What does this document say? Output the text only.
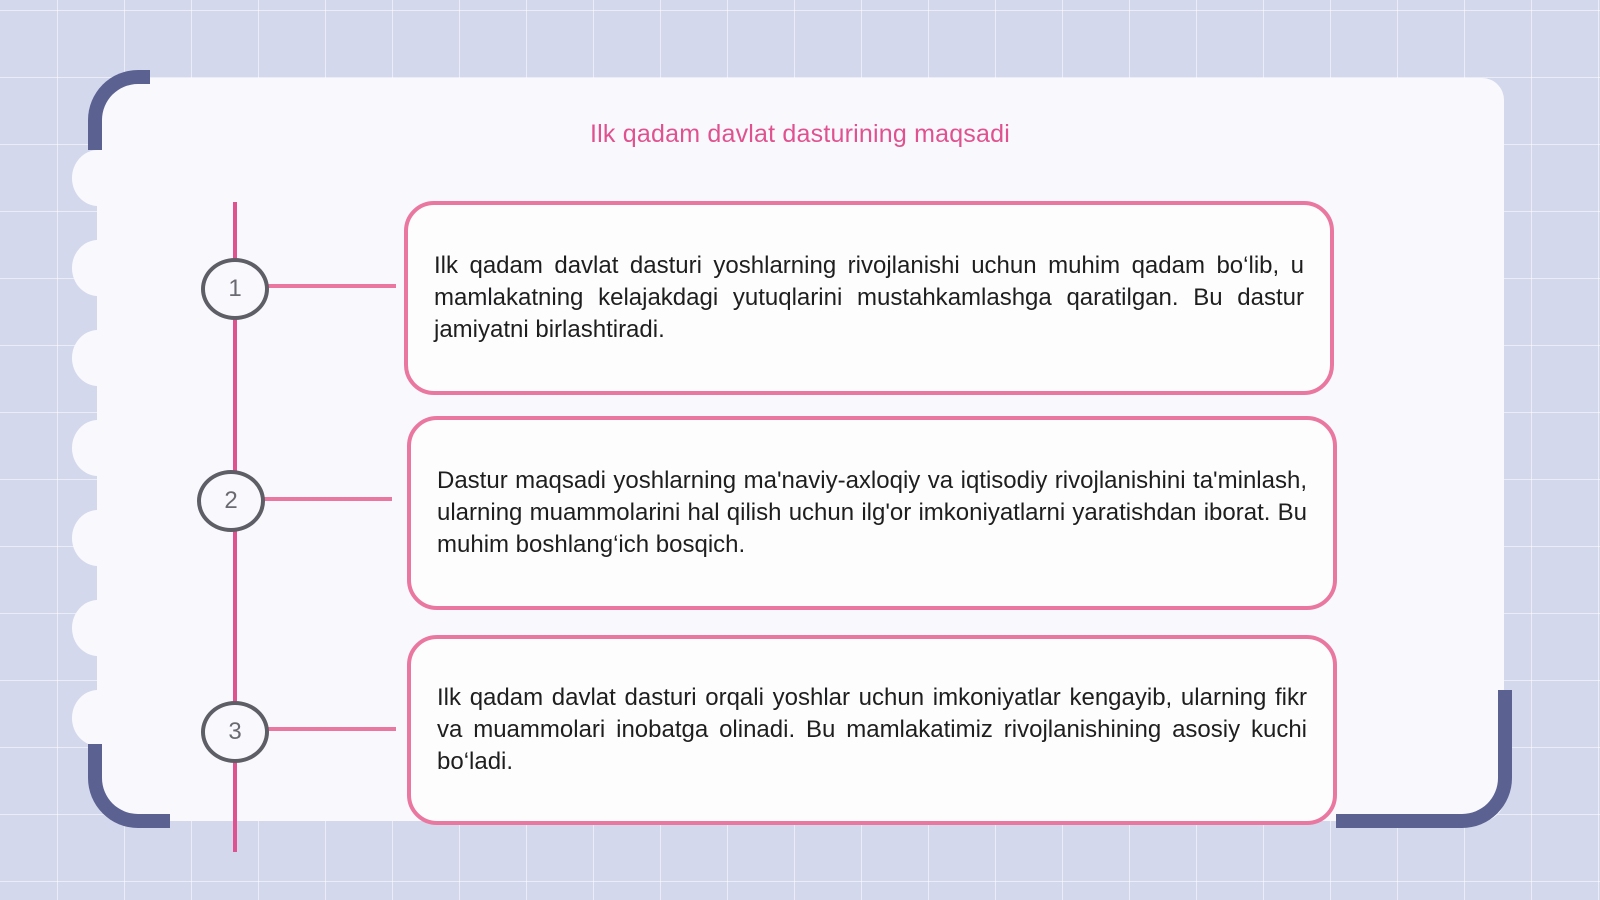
Ilk qadam davlat dasturining maqsadi
1

Ilk qadam davlat dasturi yoshlarning rivojlanishi uchun muhim qadam bo‘lib, u mamlakatning kelajakdagi yutuqlarini mustahkamlashga qaratilgan. Bu dastur jamiyatni birlashtiradi.

2

Dastur maqsadi yoshlarning ma'naviy-axloqiy va iqtisodiy rivojlanishini ta'minlash, ularning muammolarini hal qilish uchun ilg'or imkoniyatlarni yaratishdan iborat. Bu muhim boshlang‘ich bosqich.

3

Ilk qadam davlat dasturi orqali yoshlar uchun imkoniyatlar kengayib, ularning fikr va muammolari inobatga olinadi. Bu mamlakatimiz rivojlanishining asosiy kuchi bo‘ladi.
